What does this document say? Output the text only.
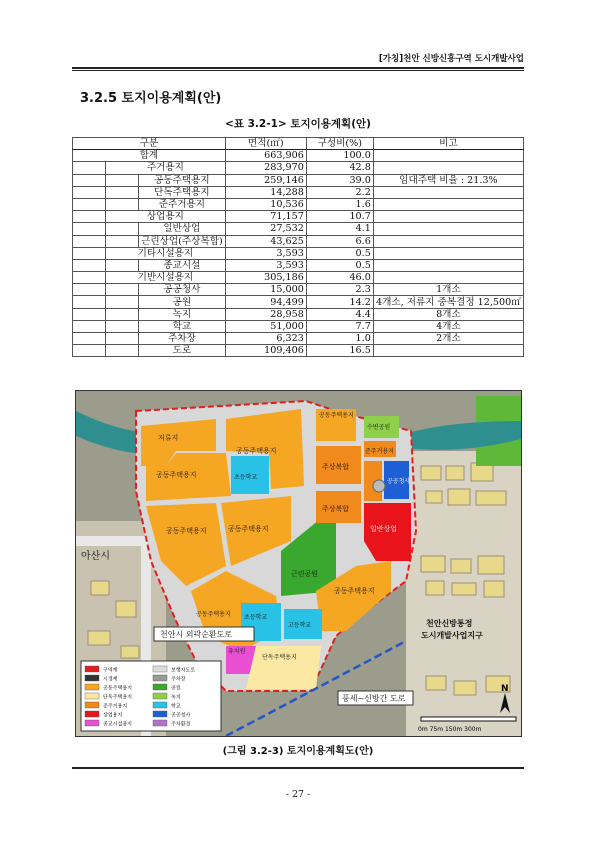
[가칭]천안 신방신흥구역 도시개발사업
3.2.5 토지이용계획(안)
<표 3.2-1> 토지이용계획(안)
구분			면적(㎡)	구성비(%)	비고
합계			663,906	100.0	
	주거용지		283,970	42.8	
		공동주택용지	259,146	39.0	임대주택 비율 : 21.3%
		단독주택용지	14,288	2.2	
		준주거용지	10,536	1.6	
	상업용지		71,157	10.7	
		일반상업	27,532	4.1	
		근린상업(주상복합)	43,625	6.6	
	기타시설용지		3,593	0.5	
		종교시설	3,593	0.5	
	기반시설용지		305,186	46.0	
		공공청사	15,000	2.3	1개소
		공원	94,499	14.2	4개소, 저류지 중복결정 12,500㎡
		녹지	28,958	4.4	8개소
		학교	51,000	7.7	4개소
		주차장	6,323	1.0	2개소
		도로	109,406	16.5	
아산시
공동주택용지
저류지
공동주택용지
초등학교
공동주택용지	공동주택용지
근린공원
공동주택용지
공동주택용지
주상복합
주상복합
수변공원
준주거용지
공공청사
일반상업
초등학교
고등학교
유치원
단독주택용지
공동주택용지
천안시 외곽순환도로
풍세~신방간 도로
천안신방통정
도시개발사업지구
N
0m 75m 150m 300m
구역계
시경계
공동주택용지
단독주택용지
준주거용지
상업용지
종교시설용지
보행자도로
주차장
공원
녹지
학교
공공청사
주차환경
(그림 3.2-3) 토지이용계획도(안)
- 27 -
